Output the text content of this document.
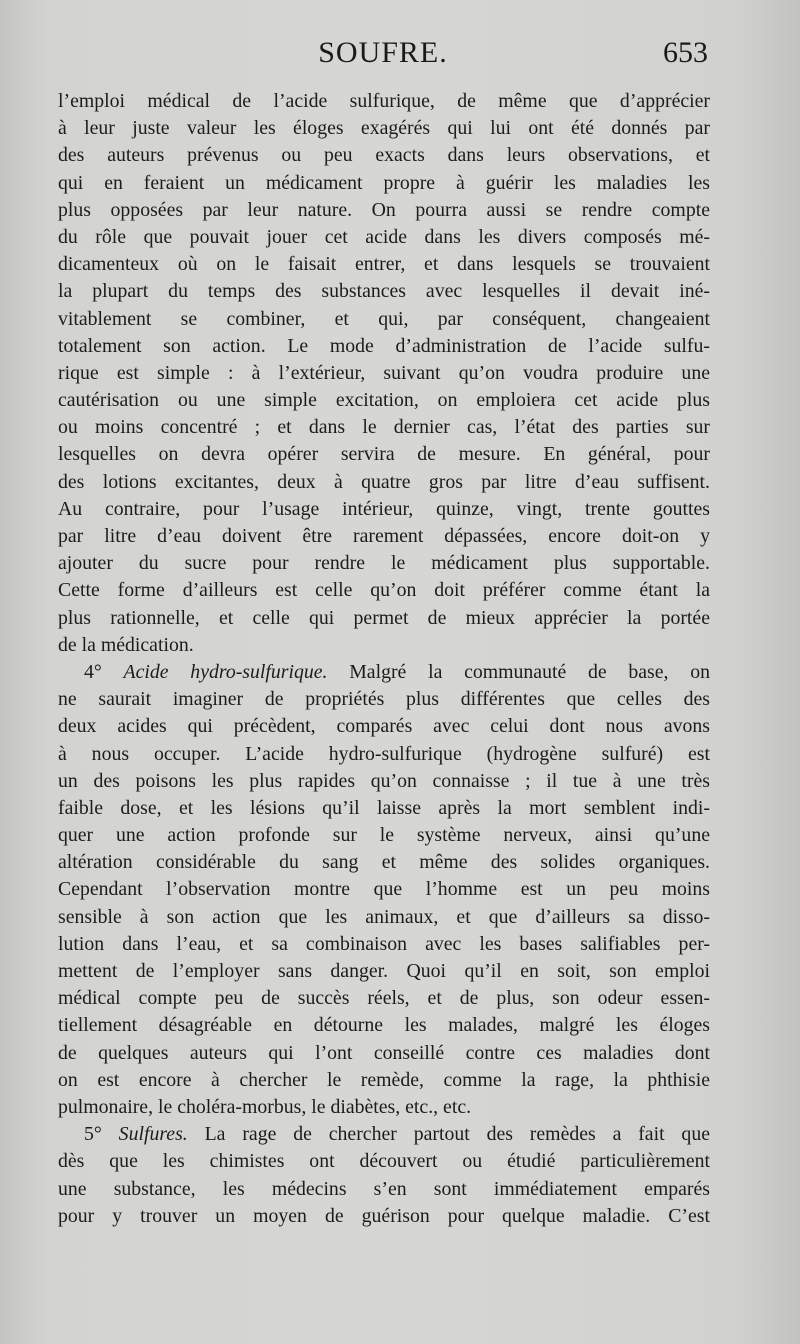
SOUFRE.	653
l’emploi médical de l’acide sulfurique, de même que d’apprécier
à leur juste valeur les éloges exagérés qui lui ont été donnés par
des auteurs prévenus ou peu exacts dans leurs observations, et
qui en feraient un médicament propre à guérir les maladies les
plus opposées par leur nature. On pourra aussi se rendre compte
du rôle que pouvait jouer cet acide dans les divers composés mé-
dicamenteux où on le faisait entrer, et dans lesquels se trouvaient
la plupart du temps des substances avec lesquelles il devait iné-
vitablement se combiner, et qui, par conséquent, changeaient
totalement son action. Le mode d’administration de l’acide sulfu-
rique est simple : à l’extérieur, suivant qu’on voudra produire une
cautérisation ou une simple excitation, on emploiera cet acide plus
ou moins concentré ; et dans le dernier cas, l’état des parties sur
lesquelles on devra opérer servira de mesure. En général, pour
des lotions excitantes, deux à quatre gros par litre d’eau suffisent.
Au contraire, pour l’usage intérieur, quinze, vingt, trente gouttes
par litre d’eau doivent être rarement dépassées, encore doit-on y
ajouter du sucre pour rendre le médicament plus supportable.
Cette forme d’ailleurs est celle qu’on doit préférer comme étant la
plus rationnelle, et celle qui permet de mieux apprécier la portée
de la médication.
4° Acide hydro-sulfurique. Malgré la communauté de base, on
ne saurait imaginer de propriétés plus différentes que celles des
deux acides qui précèdent, comparés avec celui dont nous avons
à nous occuper. L’acide hydro-sulfurique (hydrogène sulfuré) est
un des poisons les plus rapides qu’on connaisse ; il tue à une très
faible dose, et les lésions qu’il laisse après la mort semblent indi-
quer une action profonde sur le système nerveux, ainsi qu’une
altération considérable du sang et même des solides organiques.
Cependant l’observation montre que l’homme est un peu moins
sensible à son action que les animaux, et que d’ailleurs sa disso-
lution dans l’eau, et sa combinaison avec les bases salifiables per-
mettent de l’employer sans danger. Quoi qu’il en soit, son emploi
médical compte peu de succès réels, et de plus, son odeur essen-
tiellement désagréable en détourne les malades, malgré les éloges
de quelques auteurs qui l’ont conseillé contre ces maladies dont
on est encore à chercher le remède, comme la rage, la phthisie
pulmonaire, le choléra-morbus, le diabètes, etc., etc.
5° Sulfures. La rage de chercher partout des remèdes a fait que
dès que les chimistes ont découvert ou étudié particulièrement
une substance, les médecins s’en sont immédiatement emparés
pour y trouver un moyen de guérison pour quelque maladie. C’est
